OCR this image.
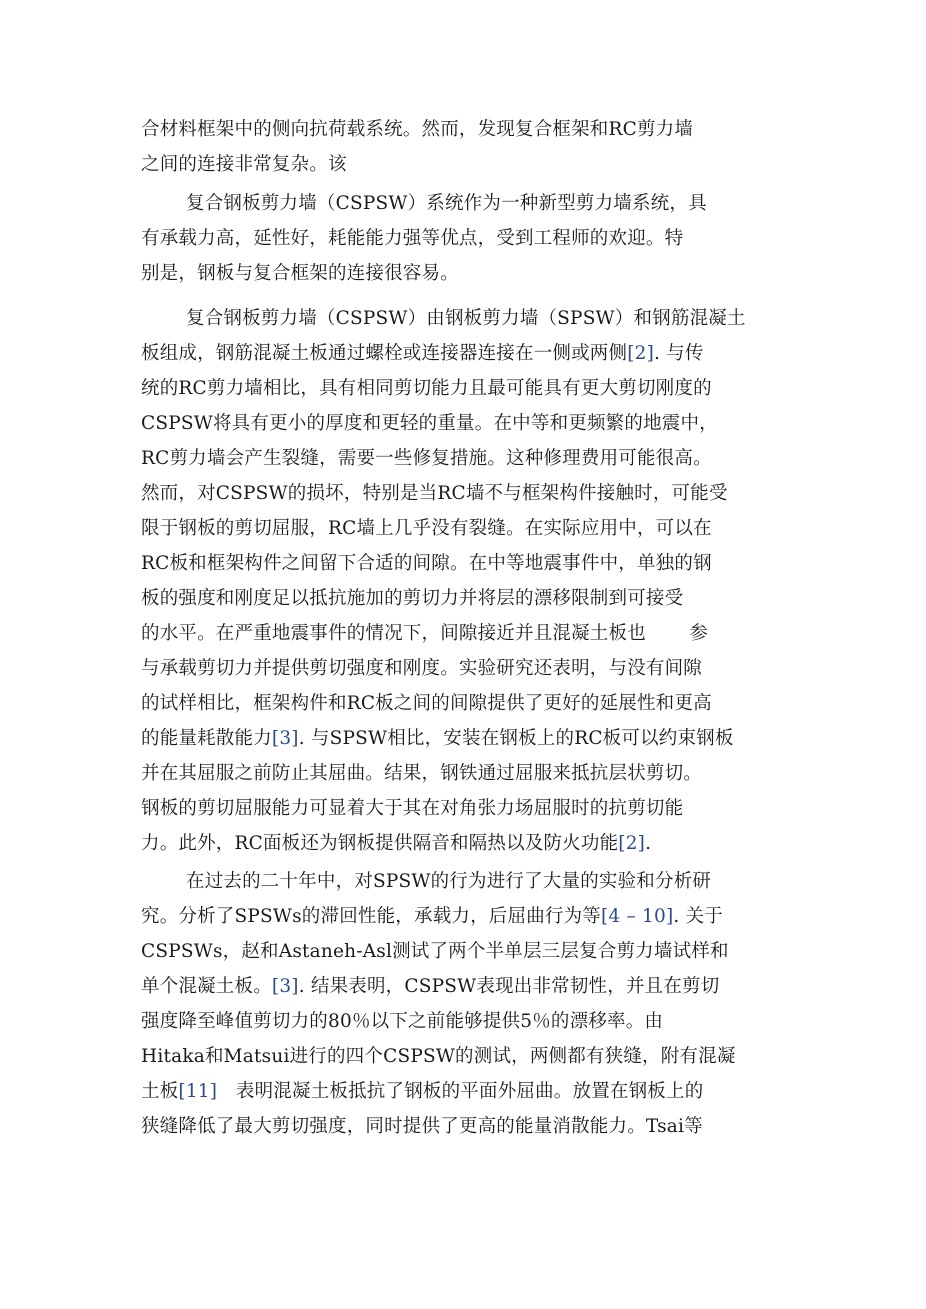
合材料框架中的侧向抗荷载系统。然而，发现复合框架和RC剪力墙
之间的连接非常复杂。该
复合钢板剪力墙（CSPSW）系统作为一种新型剪力墙系统，具
有承载力高，延性好，耗能能力强等优点，受到工程师的欢迎。特
别是，钢板与复合框架的连接很容易。
复合钢板剪力墙（CSPSW）由钢板剪力墙（SPSW）和钢筋混凝土
板组成，钢筋混凝土板通过螺栓或连接器连接在一侧或两侧[2]. 与传
统的RC剪力墙相比，具有相同剪切能力且最可能具有更大剪切刚度的
CSPSW将具有更小的厚度和更轻的重量。在中等和更频繁的地震中，
RC剪力墙会产生裂缝，需要一些修复措施。这种修理费用可能很高。
然而，对CSPSW的损坏，特别是当RC墙不与框架构件接触时，可能受
限于钢板的剪切屈服，RC墙上几乎没有裂缝。在实际应用中，可以在
RC板和框架构件之间留下合适的间隙。在中等地震事件中，单独的钢
板的强度和刚度足以抵抗施加的剪切力并将层的漂移限制到可接受
的水平。在严重地震事件的情况下，间隙接近并且混凝土板也 　　参
与承载剪切力并提供剪切强度和刚度。实验研究还表明，与没有间隙
的试样相比，框架构件和RC板之间的间隙提供了更好的延展性和更高
的能量耗散能力[3]. 与SPSW相比，安装在钢板上的RC板可以约束钢板
并在其屈服之前防止其屈曲。结果，钢铁通过屈服来抵抗层状剪切。
钢板的剪切屈服能力可显着大于其在对角张力场屈服时的抗剪切能
力。此外，RC面板还为钢板提供隔音和隔热以及防火功能[2].
在过去的二十年中，对SPSW的行为进行了大量的实验和分析研
究。分析了SPSWs的滞回性能，承载力，后屈曲行为等[4 – 10]. 关于
CSPSWs，赵和Astaneh-Asl测试了两个半单层三层复合剪力墙试样和
单个混凝土板。[3]. 结果表明，CSPSW表现出非常韧性，并且在剪切
强度降至峰值剪切力的80％以下之前能够提供5％的漂移率。由
Hitaka和Matsui进行的四个CSPSW的测试，两侧都有狭缝，附有混凝
土板[11]　表明混凝土板抵抗了钢板的平面外屈曲。放置在钢板上的
狭缝降低了最大剪切强度，同时提供了更高的能量消散能力。Tsai等
